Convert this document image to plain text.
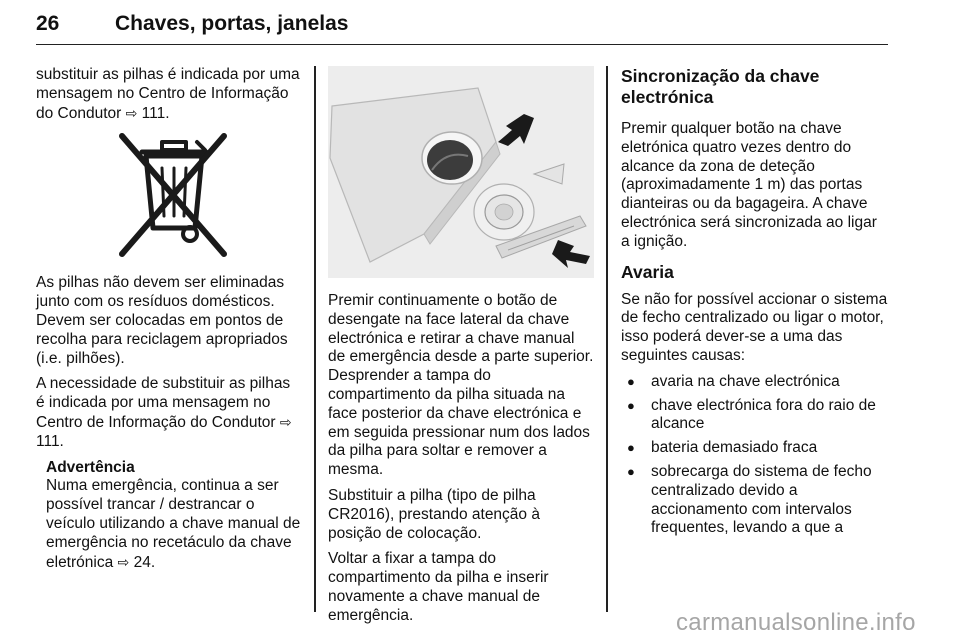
26	Chaves, portas, janelas

substituir as pilhas é indicada por uma mensagem no Centro de Informação do Condutor ⇨ 111.

As pilhas não devem ser eliminadas junto com os resíduos domésticos. Devem ser colocadas em pontos de recolha para reciclagem apropriados (i.e. pilhões).

A necessidade de substituir as pilhas é indicada por uma mensagem no Centro de Informação do Condutor ⇨ 111.

Advertência
Numa emergência, continua a ser possível trancar / destrancar o veículo utilizando a chave manual de emergência no recetáculo da chave eletrónica ⇨ 24.

Premir continuamente o botão de desengate na face lateral da chave electrónica e retirar a chave manual de emergência desde a parte superior. Desprender a tampa do compartimento da pilha situada na face posterior da chave electrónica e em seguida pressionar num dos lados da pilha para soltar e remover a mesma.

Substituir a pilha (tipo de pilha CR2016), prestando atenção à posição de colocação.

Voltar a fixar a tampa do compartimento da pilha e inserir novamente a chave manual de emergência.

Sincronização da chave electrónica

Premir qualquer botão na chave eletrónica quatro vezes dentro do alcance da zona de deteção (aproximadamente 1 m) das portas dianteiras ou da bagageira. A chave electrónica será sincronizada ao ligar a ignição.

Avaria

Se não for possível accionar o sistema de fecho centralizado ou ligar o motor, isso poderá dever-se a uma das seguintes causas:

● avaria na chave electrónica
● chave electrónica fora do raio de alcance
● bateria demasiado fraca
● sobrecarga do sistema de fecho centralizado devido a accionamento com intervalos frequentes, levando a que a
carmanualsonline.info
